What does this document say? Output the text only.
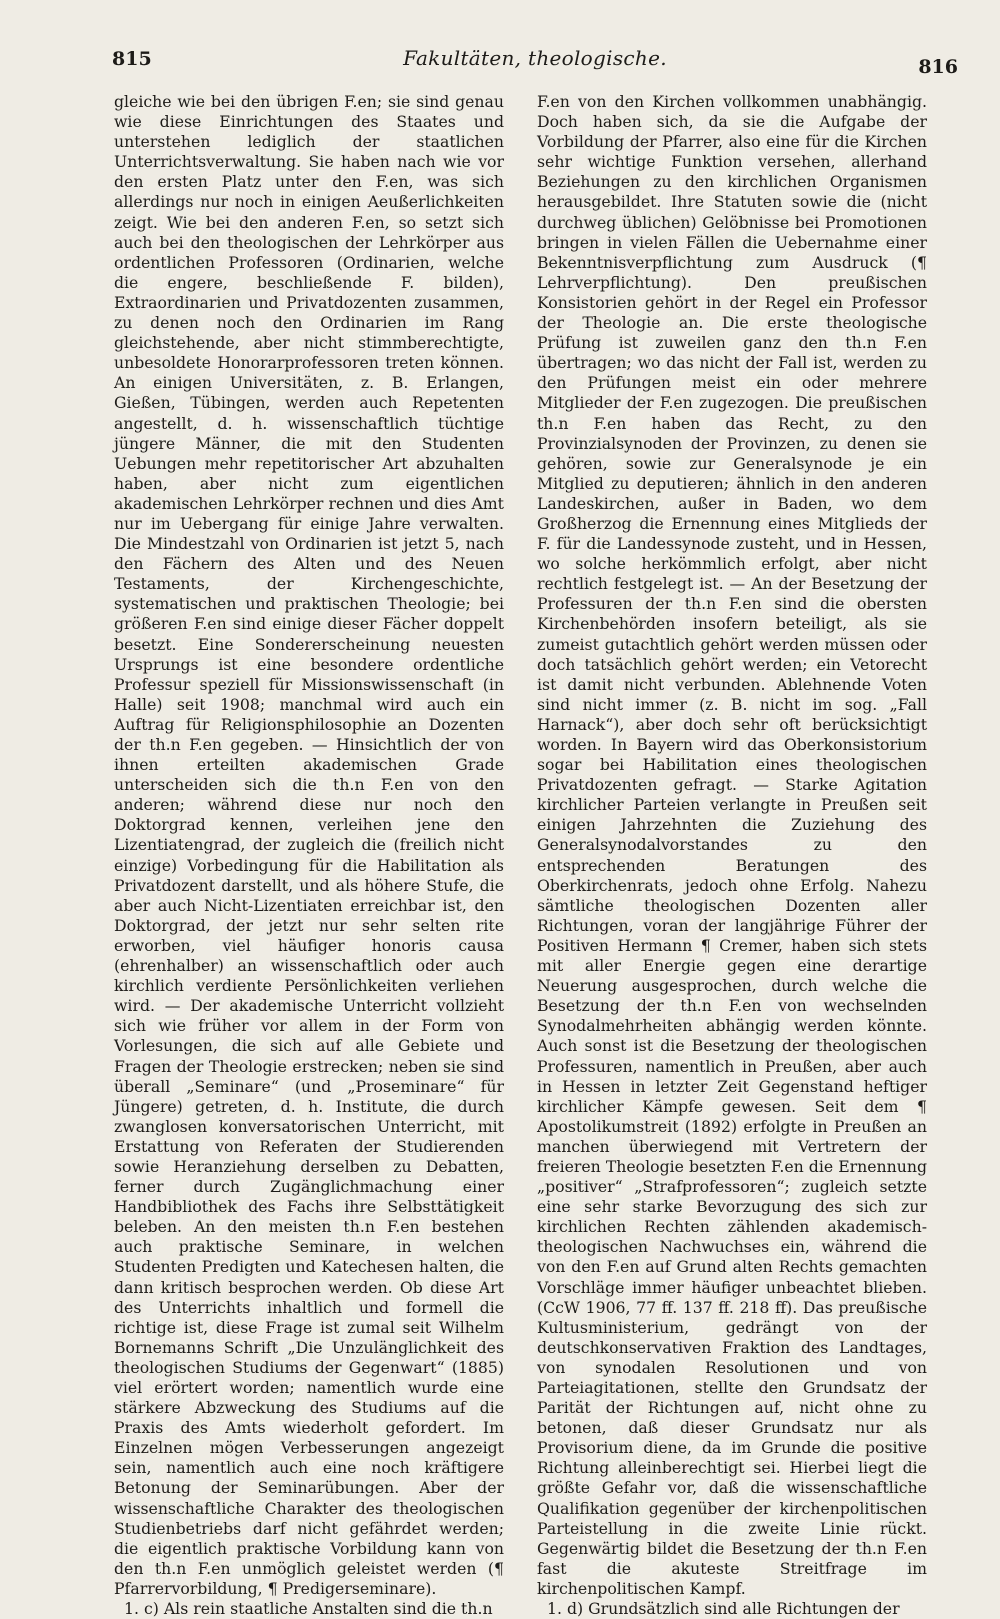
815	Fakultäten, theologische.	816

gleiche wie bei den übrigen F.en; sie sind genau wie diese Einrichtungen des Staates und unterstehen lediglich der staatlichen Unterrichtsverwaltung. Sie haben nach wie vor den ersten Platz unter den F.en, was sich allerdings nur noch in einigen Aeußerlichkeiten zeigt. Wie bei den anderen F.en, so setzt sich auch bei den theologischen der Lehrkörper aus ordentlichen Professoren (Ordinarien, welche die engere, beschließende F. bilden), Extraordinarien und Privatdozenten zusammen, zu denen noch den Ordinarien im Rang gleichstehende, aber nicht stimmberechtigte, unbesoldete Honorarprofessoren treten können. An einigen Universitäten, z. B. Erlangen, Gießen, Tübingen, werden auch Repetenten angestellt, d. h. wissenschaftlich tüchtige jüngere Männer, die mit den Studenten Uebungen mehr repetitorischer Art abzuhalten haben, aber nicht zum eigentlichen akademischen Lehrkörper rechnen und dies Amt nur im Uebergang für einige Jahre verwalten. Die Mindestzahl von Ordinarien ist jetzt 5, nach den Fächern des Alten und des Neuen Testaments, der Kirchengeschichte, systematischen und praktischen Theologie; bei größeren F.en sind einige dieser Fächer doppelt besetzt. Eine Sondererscheinung neuesten Ursprungs ist eine besondere ordentliche Professur speziell für Missionswissenschaft (in Halle) seit 1908; manchmal wird auch ein Auftrag für Religionsphilosophie an Dozenten der th.n F.en gegeben. — Hinsichtlich der von ihnen erteilten akademischen Grade unterscheiden sich die th.n F.en von den anderen; während diese nur noch den Doktorgrad kennen, verleihen jene den Lizentiatengrad, der zugleich die (freilich nicht einzige) Vorbedingung für die Habilitation als Privatdozent darstellt, und als höhere Stufe, die aber auch Nicht-Lizentiaten erreichbar ist, den Doktorgrad, der jetzt nur sehr selten rite erworben, viel häufiger honoris causa (ehrenhalber) an wissenschaftlich oder auch kirchlich verdiente Persönlichkeiten verliehen wird. — Der akademische Unterricht vollzieht sich wie früher vor allem in der Form von Vorlesungen, die sich auf alle Gebiete und Fragen der Theologie erstrecken; neben sie sind überall „Seminare“ (und „Proseminare“ für Jüngere) getreten, d. h. Institute, die durch zwanglosen konversatorischen Unterricht, mit Erstattung von Referaten der Studierenden sowie Heranziehung derselben zu Debatten, ferner durch Zugänglichmachung einer Handbibliothek des Fachs ihre Selbsttätigkeit beleben. An den meisten th.n F.en bestehen auch praktische Seminare, in welchen Studenten Predigten und Katechesen halten, die dann kritisch besprochen werden. Ob diese Art des Unterrichts inhaltlich und formell die richtige ist, diese Frage ist zumal seit Wilhelm Bornemanns Schrift „Die Unzulänglichkeit des theologischen Studiums der Gegenwart“ (1885) viel erörtert worden; namentlich wurde eine stärkere Abzweckung des Studiums auf die Praxis des Amts wiederholt gefordert. Im Einzelnen mögen Verbesserungen angezeigt sein, namentlich auch eine noch kräftigere Betonung der Seminarübungen. Aber der wissenschaftliche Charakter des theologischen Studienbetriebs darf nicht gefährdet werden; die eigentlich praktische Vorbildung kann von den th.n F.en unmöglich geleistet werden (¶ Pfarrervorbildung, ¶ Predigerseminare).

1. c) Als rein staatliche Anstalten sind die th.n

F.en von den Kirchen vollkommen unabhängig. Doch haben sich, da sie die Aufgabe der Vorbildung der Pfarrer, also eine für die Kirchen sehr wichtige Funktion versehen, allerhand Beziehungen zu den kirchlichen Organismen herausgebildet. Ihre Statuten sowie die (nicht durchweg üblichen) Gelöbnisse bei Promotionen bringen in vielen Fällen die Uebernahme einer Bekenntnisverpflichtung zum Ausdruck (¶ Lehrverpflichtung). Den preußischen Konsistorien gehört in der Regel ein Professor der Theologie an. Die erste theologische Prüfung ist zuweilen ganz den th.n F.en übertragen; wo das nicht der Fall ist, werden zu den Prüfungen meist ein oder mehrere Mitglieder der F.en zugezogen. Die preußischen th.n F.en haben das Recht, zu den Provinzialsynoden der Provinzen, zu denen sie gehören, sowie zur Generalsynode je ein Mitglied zu deputieren; ähnlich in den anderen Landeskirchen, außer in Baden, wo dem Großherzog die Ernennung eines Mitglieds der F. für die Landessynode zusteht, und in Hessen, wo solche herkömmlich erfolgt, aber nicht rechtlich festgelegt ist. — An der Besetzung der Professuren der th.n F.en sind die obersten Kirchenbehörden insofern beteiligt, als sie zumeist gutachtlich gehört werden müssen oder doch tatsächlich gehört werden; ein Vetorecht ist damit nicht verbunden. Ablehnende Voten sind nicht immer (z. B. nicht im sog. „Fall Harnack“), aber doch sehr oft berücksichtigt worden. In Bayern wird das Oberkonsistorium sogar bei Habilitation eines theologischen Privatdozenten gefragt. — Starke Agitation kirchlicher Parteien verlangte in Preußen seit einigen Jahrzehnten die Zuziehung des Generalsynodalvorstandes zu den entsprechenden Beratungen des Oberkirchenrats, jedoch ohne Erfolg. Nahezu sämtliche theologischen Dozenten aller Richtungen, voran der langjährige Führer der Positiven Hermann ¶ Cremer, haben sich stets mit aller Energie gegen eine derartige Neuerung ausgesprochen, durch welche die Besetzung der th.n F.en von wechselnden Synodalmehrheiten abhängig werden könnte. Auch sonst ist die Besetzung der theologischen Professuren, namentlich in Preußen, aber auch in Hessen in letzter Zeit Gegenstand heftiger kirchlicher Kämpfe gewesen. Seit dem ¶ Apostolikumstreit (1892) erfolgte in Preußen an manchen überwiegend mit Vertretern der freieren Theologie besetzten F.en die Ernennung „positiver“ „Strafprofessoren“; zugleich setzte eine sehr starke Bevorzugung des sich zur kirchlichen Rechten zählenden akademisch-theologischen Nachwuchses ein, während die von den F.en auf Grund alten Rechts gemachten Vorschläge immer häufiger unbeachtet blieben. (CcW 1906, 77 ff. 137 ff. 218 ff). Das preußische Kultusministerium, gedrängt von der deutschkonservativen Fraktion des Landtages, von synodalen Resolutionen und von Parteiagitationen, stellte den Grundsatz der Parität der Richtungen auf, nicht ohne zu betonen, daß dieser Grundsatz nur als Provisorium diene, da im Grunde die positive Richtung alleinberechtigt sei. Hierbei liegt die größte Gefahr vor, daß die wissenschaftliche Qualifikation gegenüber der kirchenpolitischen Parteistellung in die zweite Linie rückt. Gegenwärtig bildet die Besetzung der th.n F.en fast die akuteste Streitfrage im kirchenpolitischen Kampf.

1. d) Grundsätzlich sind alle Richtungen der
